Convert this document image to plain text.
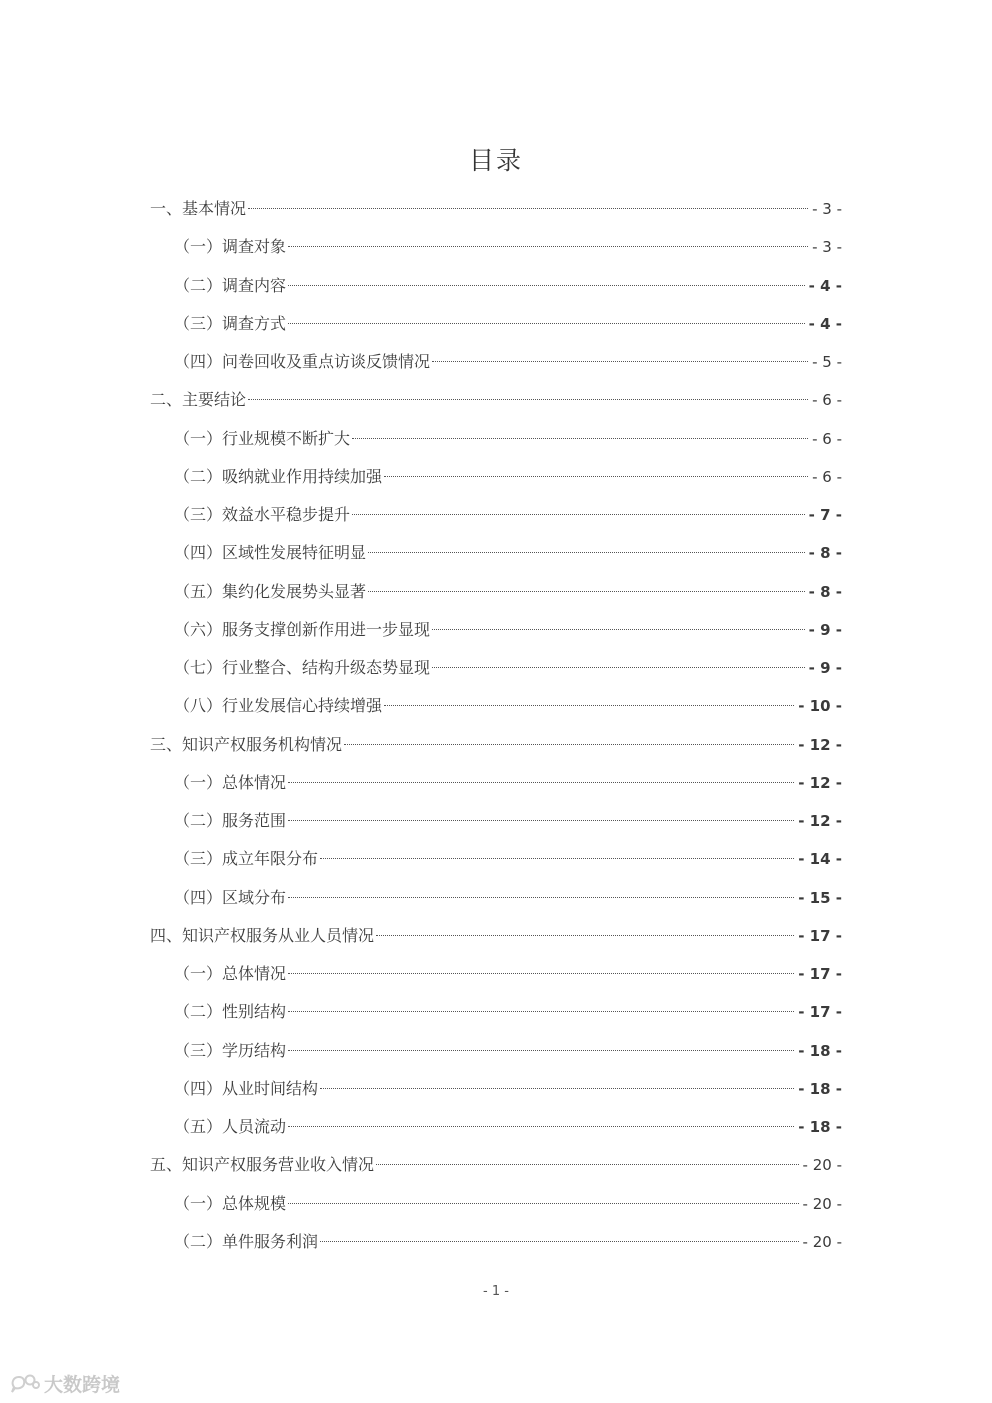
目录
一、基本情况	- 3 -
（一）调查对象	- 3 -
（二）调查内容	- 4 -
（三）调查方式	- 4 -
（四）问卷回收及重点访谈反馈情况	- 5 -
二、主要结论	- 6 -
（一）行业规模不断扩大	- 6 -
（二）吸纳就业作用持续加强	- 6 -
（三）效益水平稳步提升	- 7 -
（四）区域性发展特征明显	- 8 -
（五）集约化发展势头显著	- 8 -
（六）服务支撑创新作用进一步显现	- 9 -
（七）行业整合、结构升级态势显现	- 9 -
（八）行业发展信心持续增强	- 10 -
三、知识产权服务机构情况	- 12 -
（一）总体情况	- 12 -
（二）服务范围	- 12 -
（三）成立年限分布	- 14 -
（四）区域分布	- 15 -
四、知识产权服务从业人员情况	- 17 -
（一）总体情况	- 17 -
（二）性别结构	- 17 -
（三）学历结构	- 18 -
（四）从业时间结构	- 18 -
（五）人员流动	- 18 -
五、知识产权服务营业收入情况	- 20 -
（一）总体规模	- 20 -
（二）单件服务利润	- 20 -
- 1 -
大数跨境
